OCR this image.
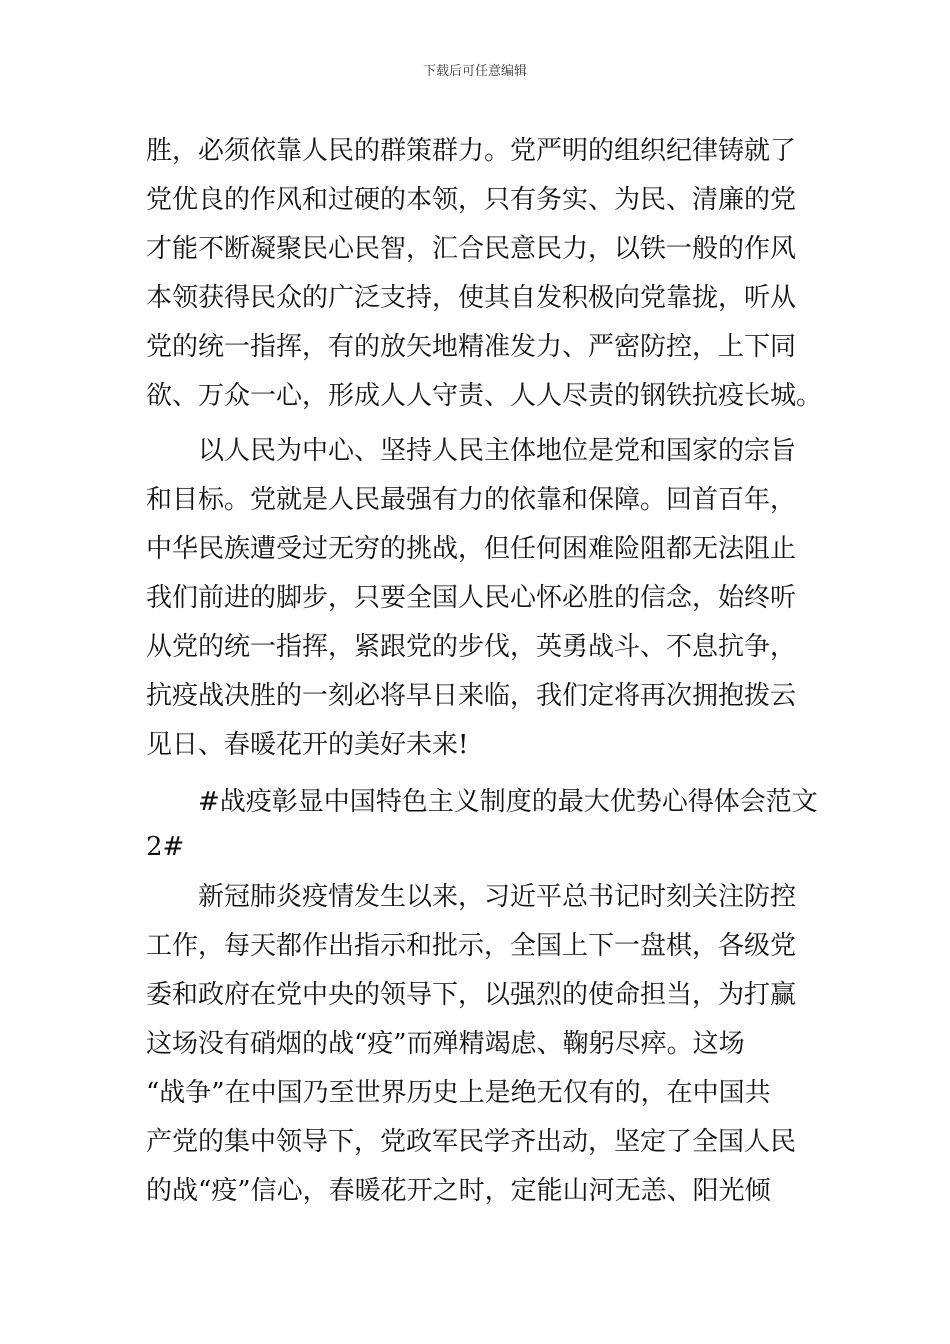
下载后可任意编辑
胜，必须依靠人民的群策群力。党严明的组织纪律铸就了
党优良的作风和过硬的本领，只有务实、为民、清廉的党
才能不断凝聚民心民智，汇合民意民力，以铁一般的作风
本领获得民众的广泛支持，使其自发积极向党靠拢，听从
党的统一指挥，有的放矢地精准发力、严密防控，上下同
欲、万众一心，形成人人守责、人人尽责的钢铁抗疫长城。
以人民为中心、坚持人民主体地位是党和国家的宗旨
和目标。党就是人民最强有力的依靠和保障。回首百年，
中华民族遭受过无穷的挑战，但任何困难险阻都无法阻止
我们前进的脚步，只要全国人民心怀必胜的信念，始终听
从党的统一指挥，紧跟党的步伐，英勇战斗、不息抗争，
抗疫战决胜的一刻必将早日来临，我们定将再次拥抱拨云
见日、春暖花开的美好未来!
#战疫彰显中国特色主义制度的最大优势心得体会范文
2#
新冠肺炎疫情发生以来，习近平总书记时刻关注防控
工作，每天都作出指示和批示，全国上下一盘棋，各级党
委和政府在党中央的领导下，以强烈的使命担当，为打赢
这场没有硝烟的战“疫”而殚精竭虑、鞠躬尽瘁。这场
“战争”在中国乃至世界历史上是绝无仅有的，在中国共
产党的集中领导下，党政军民学齐出动，坚定了全国人民
的战“疫”信心，春暖花开之时，定能山河无恙、阳光倾
